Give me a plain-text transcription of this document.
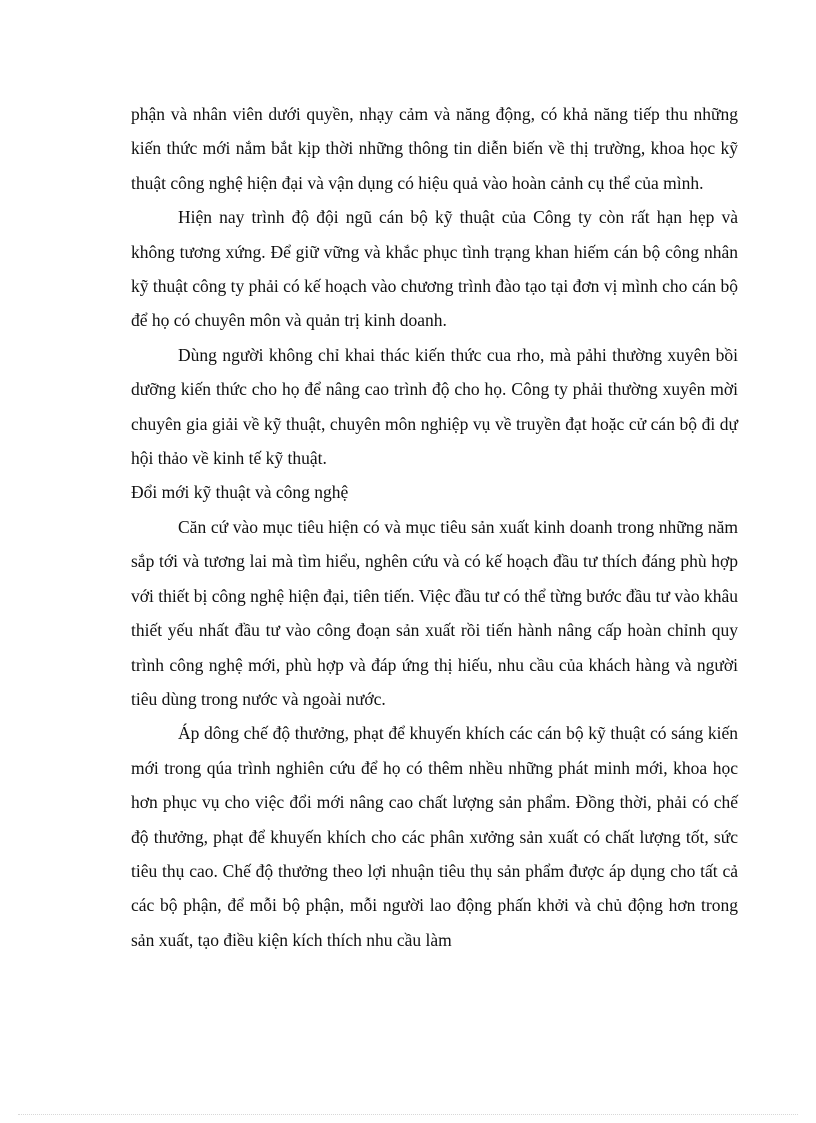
phận và nhân viên dưới quyền, nhạy cảm và năng động, có khả năng tiếp thu những kiến thức mới nắm bắt kịp thời những thông tin diễn biến về thị trường, khoa học kỹ thuật công nghệ hiện đại và vận dụng có hiệu quả vào hoàn cảnh cụ thể của mình.

Hiện nay trình độ đội ngũ cán bộ kỹ thuật của Công ty còn rất hạn hẹp và không tương xứng. Để giữ vững và khắc phục tình trạng khan hiếm cán bộ công nhân kỹ thuật công ty phải có kế hoạch vào chương trình đào tạo tại đơn vị mình cho cán bộ để họ có chuyên môn và quản trị kinh doanh.

Dùng người không chỉ khai thác kiến thức cua rho, mà pảhi thường xuyên bồi dưỡng kiến thức cho họ để nâng cao trình độ cho họ. Công ty phải thường xuyên mời chuyên gia giải về kỹ thuật, chuyên môn nghiệp vụ về truyền đạt hoặc cử cán bộ đi dự hội thảo về kinh tế kỹ thuật.

Đổi mới kỹ thuật và công nghệ

Căn cứ vào mục tiêu hiện có và mục tiêu sản xuất kinh doanh trong những năm sắp tới và tương lai mà tìm hiểu, nghên cứu và có kế hoạch đầu tư thích đáng phù hợp với thiết bị công nghệ hiện đại, tiên tiến. Việc đầu tư có thể từng bước đầu tư vào khâu thiết yếu nhất đầu tư vào công đoạn sản xuất rồi tiến hành nâng cấp hoàn chỉnh quy trình công nghệ mới, phù hợp và đáp ứng thị hiếu, nhu cầu của khách hàng và người tiêu dùng trong nước và ngoài nước.

Áp dông chế độ thưởng, phạt để khuyến khích các cán bộ kỹ thuật có sáng kiến mới trong qúa trình nghiên cứu để họ có thêm nhều những phát minh mới, khoa học hơn phục vụ cho việc đổi mới nâng cao chất lượng sản phẩm. Đồng thời, phải có chế độ thưởng, phạt để khuyến khích cho các phân xưởng sản xuất có chất lượng tốt, sức tiêu thụ cao. Chế độ thưởng theo lợi nhuận tiêu thụ sản phẩm được áp dụng cho tất cả các bộ phận, để mỗi bộ phận, mỗi người lao động phấn khởi và chủ động hơn trong sản xuất, tạo điều kiện kích thích nhu cầu làm
